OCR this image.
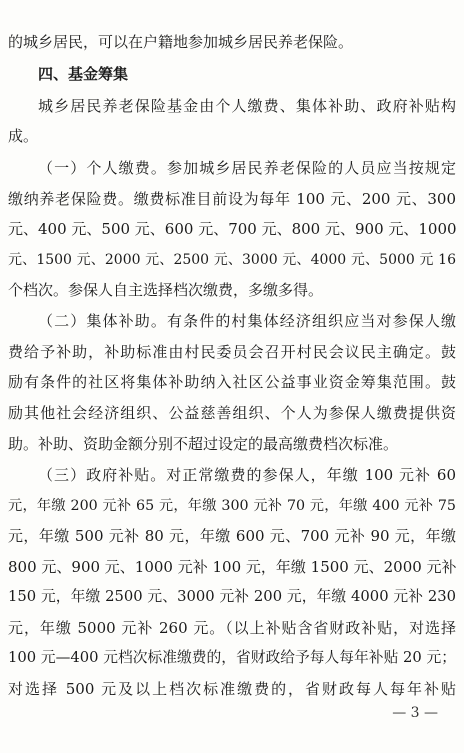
的城乡居民，可以在户籍地参加城乡居民养老保险。
四、基金筹集
城乡居民养老保险基金由个人缴费、集体补助、政府补贴构
成。
（一）个人缴费。参加城乡居民养老保险的人员应当按规定
缴纳养老保险费。缴费标准目前设为每年 100 元、200 元、300
元、400 元、500 元、600 元、700 元、800 元、900 元、1000
元、1500 元、2000 元、2500 元、3000 元、4000 元、5000 元 16
个档次。参保人自主选择档次缴费，多缴多得。
（二）集体补助。有条件的村集体经济组织应当对参保人缴
费给予补助，补助标准由村民委员会召开村民会议民主确定。鼓
励有条件的社区将集体补助纳入社区公益事业资金筹集范围。鼓
励其他社会经济组织、公益慈善组织、个人为参保人缴费提供资
助。补助、资助金额分别不超过设定的最高缴费档次标准。
（三）政府补贴。对正常缴费的参保人，年缴 100 元补 60
元，年缴 200 元补 65 元，年缴 300 元补 70 元，年缴 400 元补 75
元，年缴 500 元补 80 元，年缴 600 元、700 元补 90 元，年缴
800 元、900 元、1000 元补 100 元，年缴 1500 元、2000 元补
150 元，年缴 2500 元、3000 元补 200 元，年缴 4000 元补 230
元，年缴 5000 元补 260 元。（以上补贴含省财政补贴，对选择
100 元—400 元档次标准缴费的，省财政给予每人每年补贴 20 元；
对选择 500 元及以上档次标准缴费的，省财政每人每年补贴
— 3 —
